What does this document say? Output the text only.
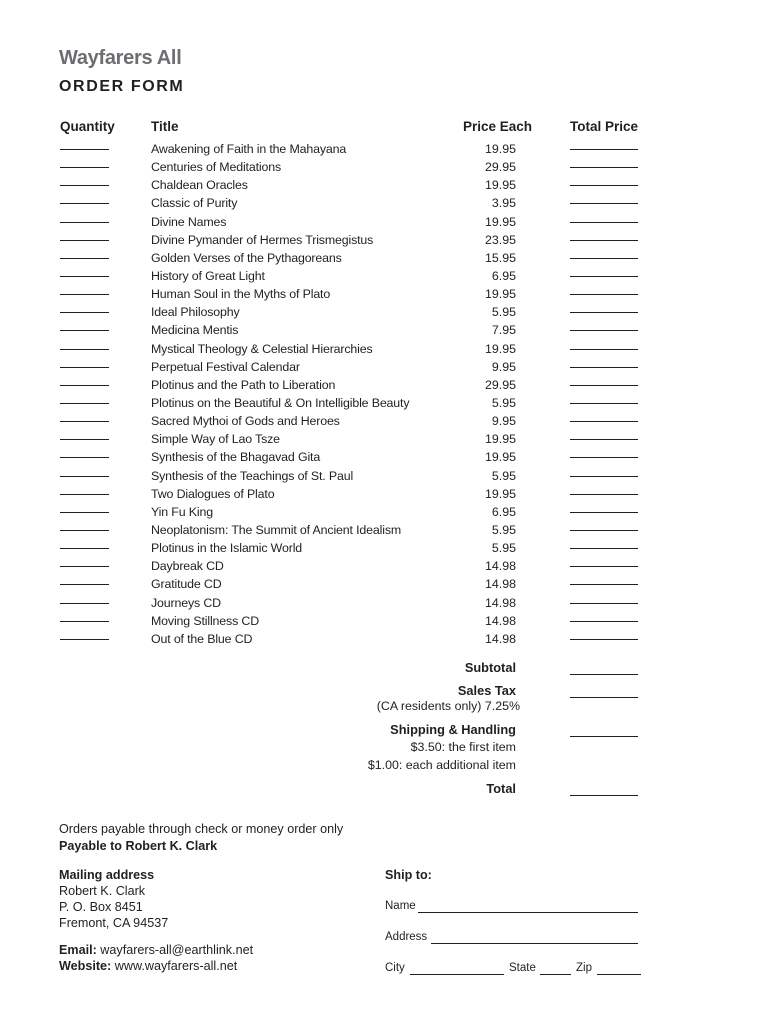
Wayfarers All
ORDER FORM
Quantity	Title	Price Each	Total Price
Awakening of Faith in the Mahayana	19.95
Centuries of Meditations	29.95
Chaldean Oracles	19.95
Classic of Purity	3.95
Divine Names	19.95
Divine Pymander of Hermes Trismegistus	23.95
Golden Verses of the Pythagoreans	15.95
History of Great Light	6.95
Human Soul in the Myths of Plato	19.95
Ideal Philosophy	5.95
Medicina Mentis	7.95
Mystical Theology & Celestial Hierarchies	19.95
Perpetual Festival Calendar	9.95
Plotinus and the Path to Liberation	29.95
Plotinus on the Beautiful & On Intelligible Beauty	5.95
Sacred Mythoi of Gods and Heroes	9.95
Simple Way of Lao Tsze	19.95
Synthesis of the Bhagavad Gita	19.95
Synthesis of the Teachings of St. Paul	5.95
Two Dialogues of Plato	19.95
Yin Fu King	6.95
Neoplatonism: The Summit of Ancient Idealism	5.95
Plotinus in the Islamic World	5.95
Daybreak CD	14.98
Gratitude CD	14.98
Journeys CD	14.98
Moving Stillness CD	14.98
Out of the Blue CD	14.98
Subtotal
Sales Tax
(CA residents only) 7.25%
Shipping & Handling
$3.50: the first item
$1.00: each additional item
Total
Orders payable through check or money order only
Payable to Robert K. Clark
Mailing address
Robert K. Clark
P. O. Box 8451
Fremont, CA 94537
Email: wayfarers-all@earthlink.net
Website: www.wayfarers-all.net
Ship to:
Name
Address
City	State	Zip
